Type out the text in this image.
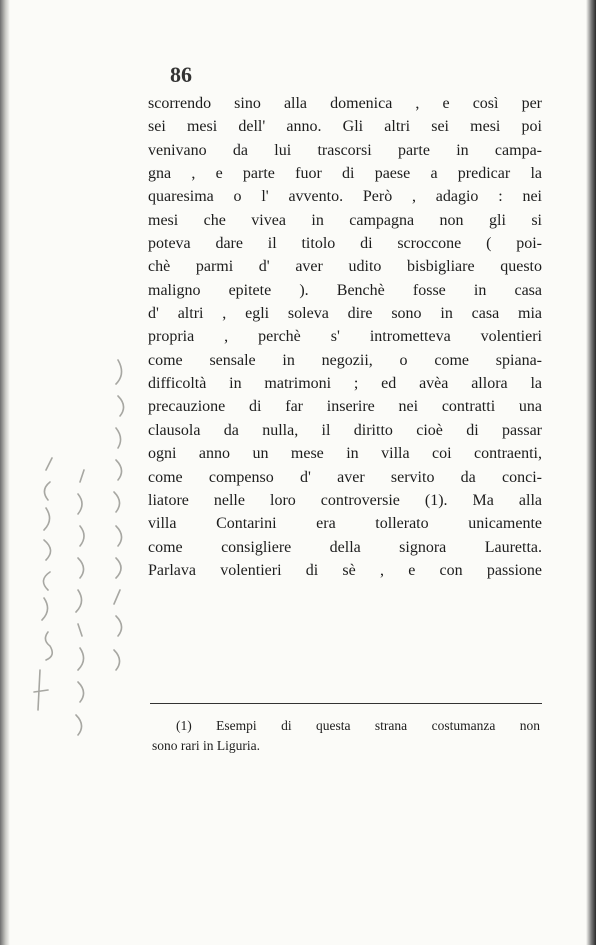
86
scorrendo sino alla domenica , e così per
sei mesi dell' anno. Gli altri sei mesi poi
venivano da lui trascorsi parte in campa-
gna , e parte fuor di paese a predicar la
quaresima o l' avvento. Però , adagio : nei
mesi che vivea in campagna non gli si
poteva dare il titolo di scroccone ( poi-
chè parmi d' aver udito bisbigliare questo
maligno epitete ). Benchè fosse in casa
d' altri , egli soleva dire sono in casa mia
propria , perchè s' intrometteva volentieri
come sensale in negozii, o come spiana-
difficoltà in matrimoni ; ed avèa allora la
precauzione di far inserire nei contratti una
clausola da nulla, il diritto cioè di passar
ogni anno un mese in villa coi contraenti,
come compenso d' aver servito da conci-
liatore nelle loro controversie (1). Ma alla
villa Contarini era tollerato unicamente
come consigliere della signora Lauretta.
Parlava volentieri di sè , e con passione
(1) Esempi di questa strana costumanza non
sono rari in Liguria.
